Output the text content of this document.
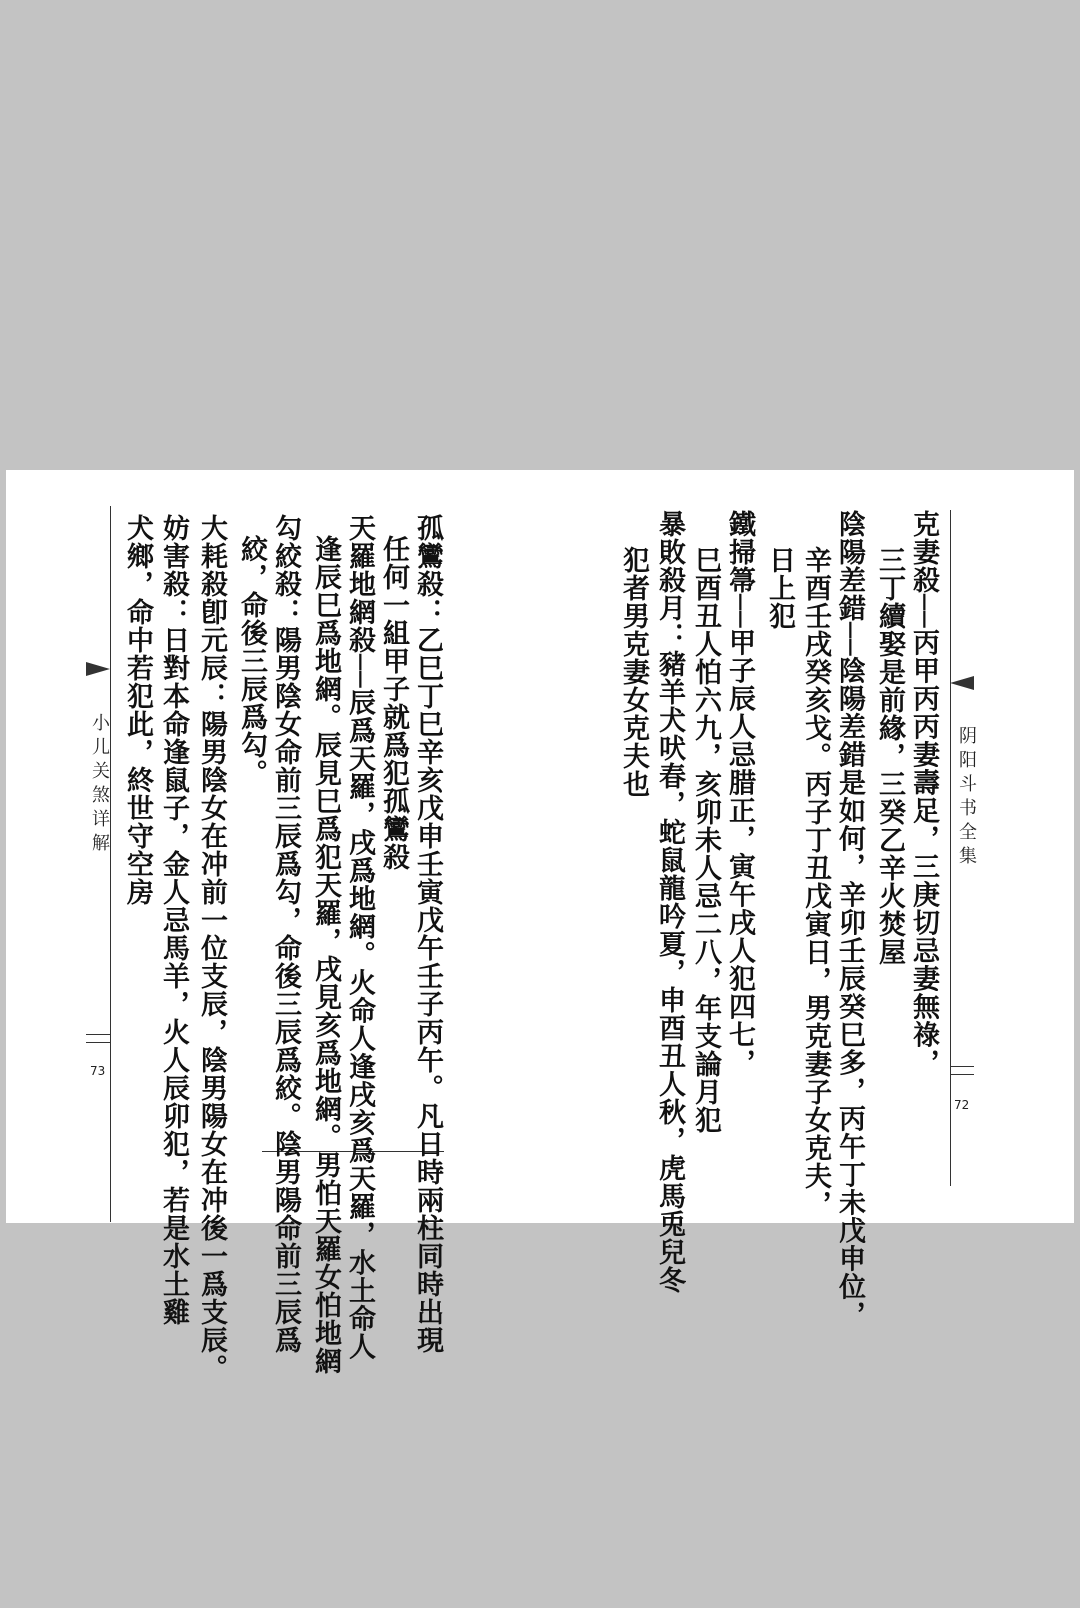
小儿关煞详解
73	孤鸞殺：乙巳丁巳辛亥戊申壬寅戊午壬子丙午。凡日時兩柱同時出現
任何一組甲子就爲犯孤鸞殺
天羅地網殺──辰爲天羅，戌爲地網。火命人逢戌亥爲天羅，水土命人
逢辰巳爲地網。辰見巳爲犯天羅，戌見亥爲地網。男怕天羅女怕地網
勾絞殺：陽男陰女命前三辰爲勾，命後三辰爲絞。陰男陽命前三辰爲
絞，命後三辰爲勾。
大耗殺卽元辰：陽男陰女在冲前一位支辰，陰男陽女在冲後一爲支辰。
妨害殺：日對本命逢鼠子，金人忌馬羊，火人辰卯犯，若是水土雞
犬鄉，命中若犯此，終世守空房	阴阳斗书全集
72
克妻殺──丙甲丙丙妻壽足，三庚切忌妻無祿，
三丁續娶是前緣，三癸乙辛火焚屋
陰陽差錯──陰陽差錯是如何，辛卯壬辰癸巳多，丙午丁未戊申位，
辛酉壬戌癸亥戈。丙子丁丑戊寅日，男克妻子女克夫，
日上犯
鐵掃箒──甲子辰人忌腊正，寅午戌人犯四七，
巳酉丑人怕六九，亥卯未人忌二八，年支論月犯
暴敗殺月：豬羊犬吠春，蛇鼠龍吟夏，申酉丑人秋，虎馬兎兒冬
犯者男克妻女克夫也
